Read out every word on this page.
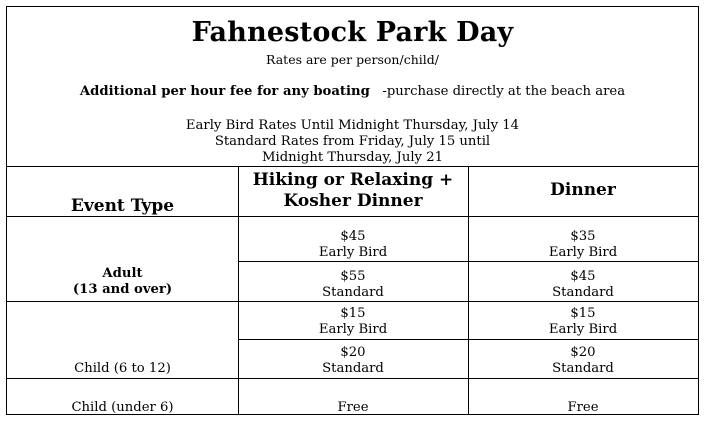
Fahnestock Park Day
Rates are per person/child/
Additional per hour fee for any boating -purchase directly at the beach area
Early Bird Rates Until Midnight Thursday, July 14
Standard Rates from Friday, July 15 until
Midnight Thursday, July 21
Event Type
Hiking or Relaxing +
Kosher Dinner
Dinner
Adult
(13 and over)
$45
Early Bird
$35
Early Bird
$55
Standard
$45
Standard
Child (6 to 12)
$15
Early Bird
$15
Early Bird
$20
Standard
$20
Standard
Child (under 6)	Free	Free
